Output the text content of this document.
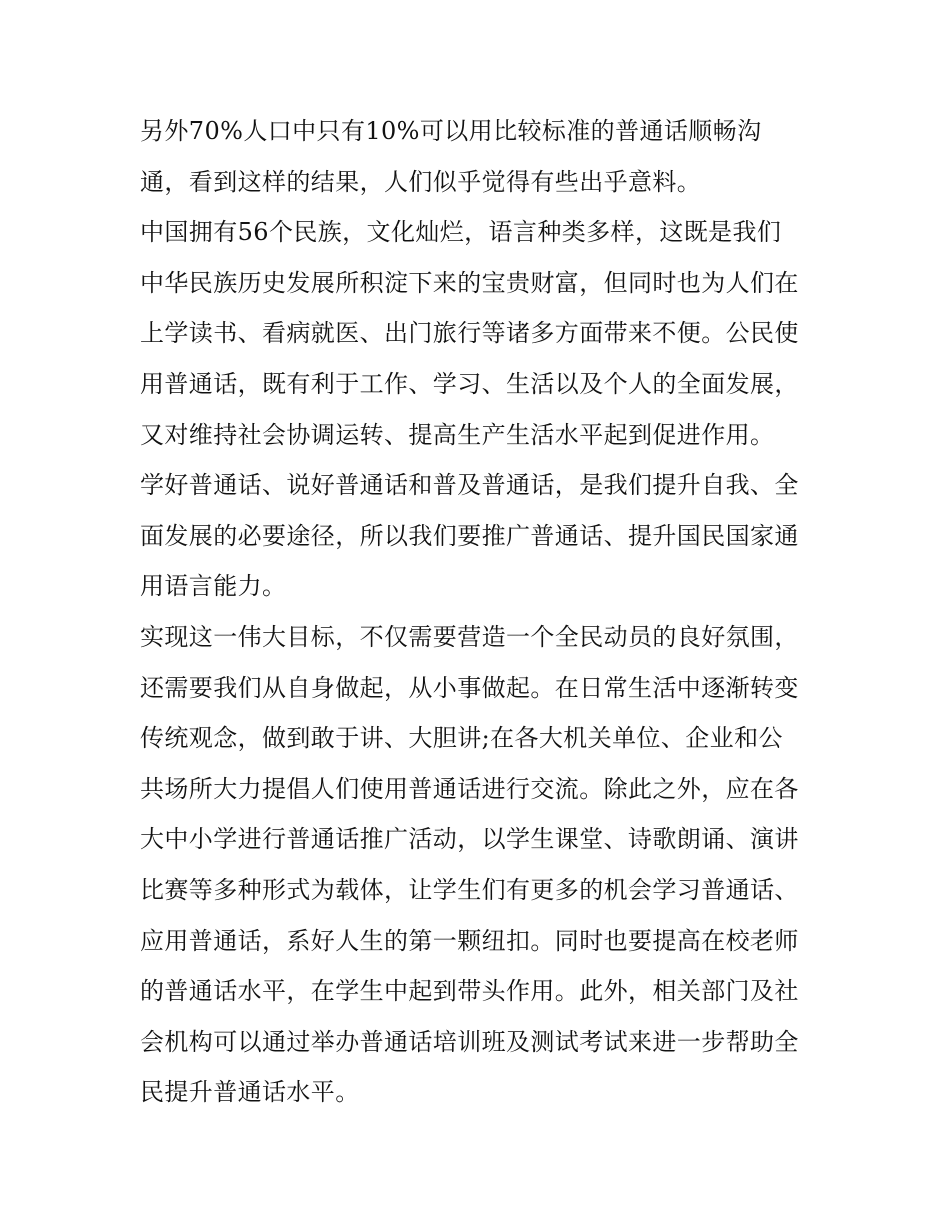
另外70%人口中只有10%可以用比较标准的普通话顺畅沟
通，看到这样的结果，人们似乎觉得有些出乎意料。
中国拥有56个民族，文化灿烂，语言种类多样，这既是我们
中华民族历史发展所积淀下来的宝贵财富，但同时也为人们在
上学读书、看病就医、出门旅行等诸多方面带来不便。公民使
用普通话，既有利于工作、学习、生活以及个人的全面发展，
又对维持社会协调运转、提高生产生活水平起到促进作用。
学好普通话、说好普通话和普及普通话，是我们提升自我、全
面发展的必要途径，所以我们要推广普通话、提升国民国家通
用语言能力。
实现这一伟大目标，不仅需要营造一个全民动员的良好氛围，
还需要我们从自身做起，从小事做起。在日常生活中逐渐转变
传统观念，做到敢于讲、大胆讲;在各大机关单位、企业和公
共场所大力提倡人们使用普通话进行交流。除此之外，应在各
大中小学进行普通话推广活动，以学生课堂、诗歌朗诵、演讲
比赛等多种形式为载体，让学生们有更多的机会学习普通话、
应用普通话，系好人生的第一颗纽扣。同时也要提高在校老师
的普通话水平，在学生中起到带头作用。此外，相关部门及社
会机构可以通过举办普通话培训班及测试考试来进一步帮助全
民提升普通话水平。
